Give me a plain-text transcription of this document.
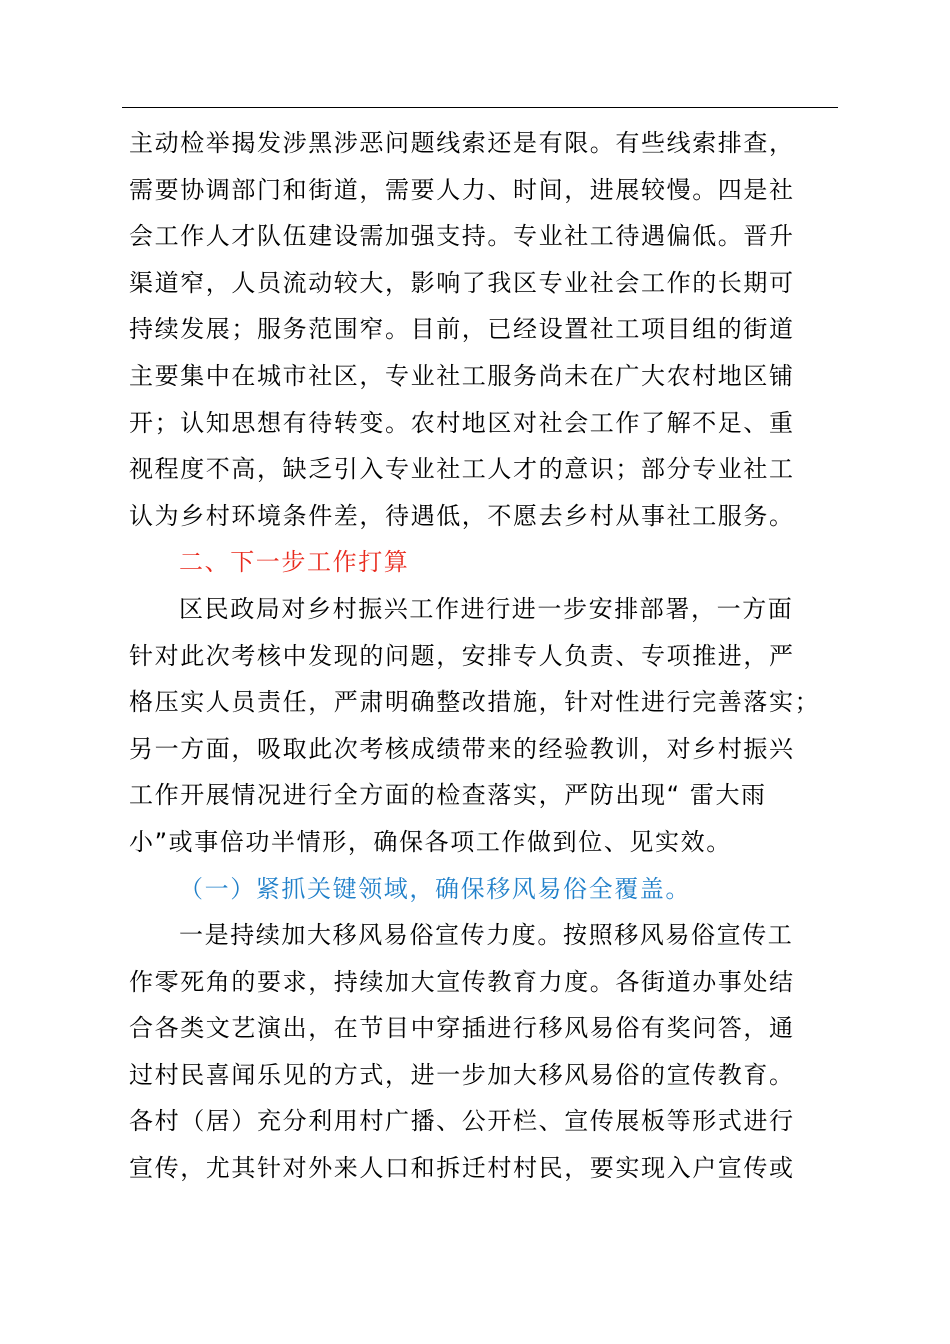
主动检举揭发涉黑涉恶问题线索还是有限。有些线索排查，
需要协调部门和街道，需要人力、时间，进展较慢。四是社
会工作人才队伍建设需加强支持。专业社工待遇偏低。晋升
渠道窄，人员流动较大，影响了我区专业社会工作的长期可
持续发展；服务范围窄。目前，已经设置社工项目组的街道
主要集中在城市社区，专业社工服务尚未在广大农村地区铺
开；认知思想有待转变。农村地区对社会工作了解不足、重
视程度不高，缺乏引入专业社工人才的意识；部分专业社工
认为乡村环境条件差，待遇低，不愿去乡村从事社工服务。
二、下一步工作打算
区民政局对乡村振兴工作进行进一步安排部署，一方面
针对此次考核中发现的问题，安排专人负责、专项推进，严
格压实人员责任，严肃明确整改措施，针对性进行完善落实；
另一方面，吸取此次考核成绩带来的经验教训，对乡村振兴
工作开展情况进行全方面的检查落实，严防出现“ 雷大雨
小”或事倍功半情形，确保各项工作做到位、见实效。
（一）紧抓关键领域，确保移风易俗全覆盖。
一是持续加大移风易俗宣传力度。按照移风易俗宣传工
作零死角的要求，持续加大宣传教育力度。各街道办事处结
合各类文艺演出，在节目中穿插进行移风易俗有奖问答，通
过村民喜闻乐见的方式，进一步加大移风易俗的宣传教育。
各村（居）充分利用村广播、公开栏、宣传展板等形式进行
宣传，尤其针对外来人口和拆迁村村民，要实现入户宣传或
